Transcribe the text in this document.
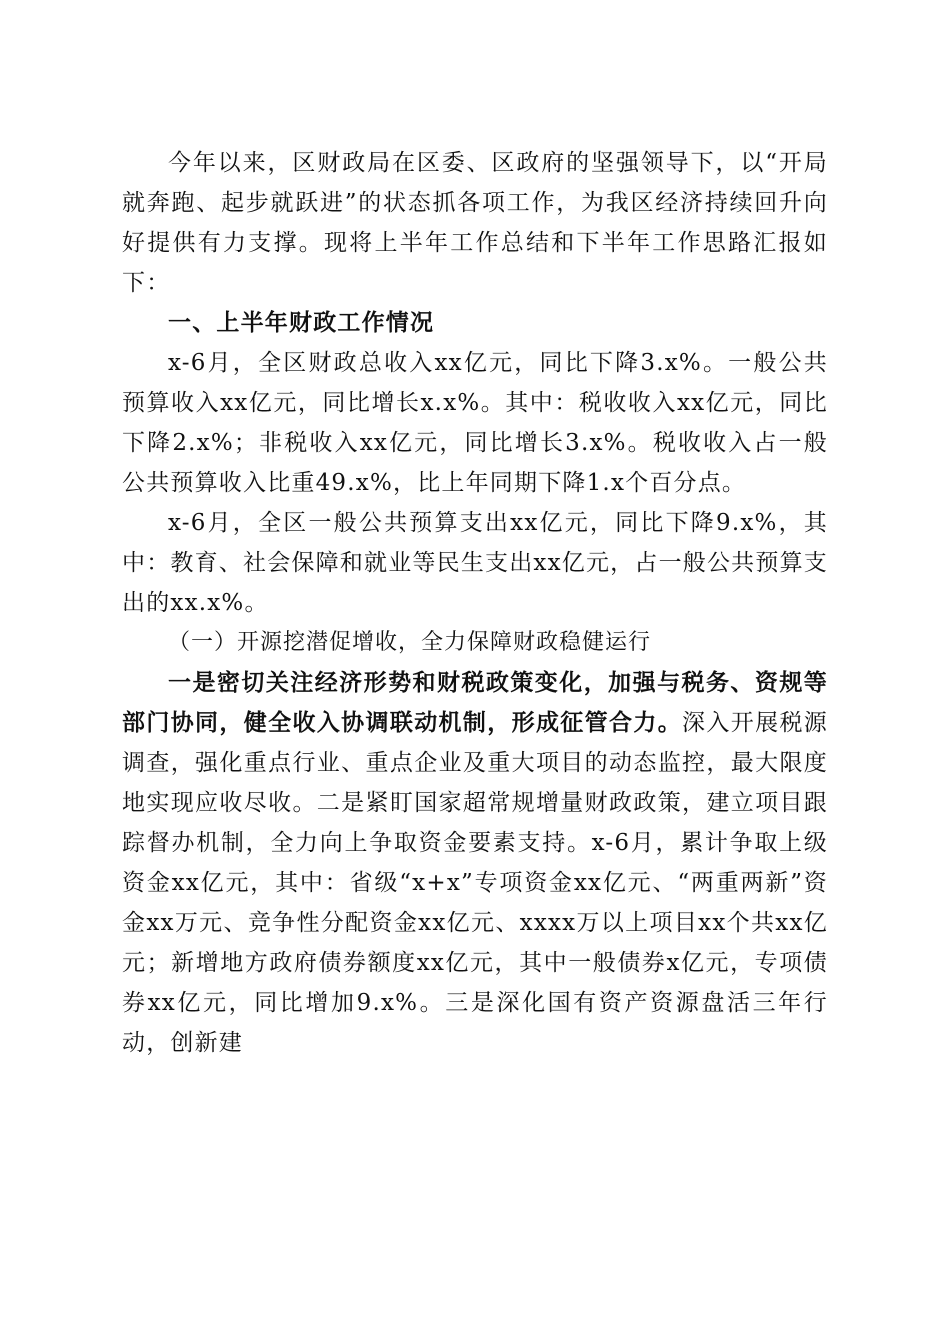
今年以来，区财政局在区委、区政府的坚强领导下，以“开局就奔跑、起步就跃进”的状态抓各项工作，为我区经济持续回升向好提供有力支撑。现将上半年工作总结和下半年工作思路汇报如下：

一、上半年财政工作情况

x-6月，全区财政总收入xx亿元，同比下降3.x%。一般公共预算收入xx亿元，同比增长x.x%。其中：税收收入xx亿元，同比下降2.x%；非税收入xx亿元，同比增长3.x%。税收收入占一般公共预算收入比重49.x%，比上年同期下降1.x个百分点。

x-6月，全区一般公共预算支出xx亿元，同比下降9.x%，其中：教育、社会保障和就业等民生支出xx亿元，占一般公共预算支出的xx.x%。

（一）开源挖潜促增收，全力保障财政稳健运行

一是密切关注经济形势和财税政策变化，加强与税务、资规等部门协同，健全收入协调联动机制，形成征管合力。深入开展税源调查，强化重点行业、重点企业及重大项目的动态监控，最大限度地实现应收尽收。二是紧盯国家超常规增量财政政策，建立项目跟踪督办机制，全力向上争取资金要素支持。x-6月，累计争取上级资金xx亿元，其中：省级“x+x”专项资金xx亿元、“两重两新”资金xx万元、竞争性分配资金xx亿元、xxxx万以上项目xx个共xx亿元；新增地方政府债券额度xx亿元，其中一般债券x亿元，专项债券xx亿元，同比增加9.x%。三是深化国有资产资源盘活三年行动，创新建
